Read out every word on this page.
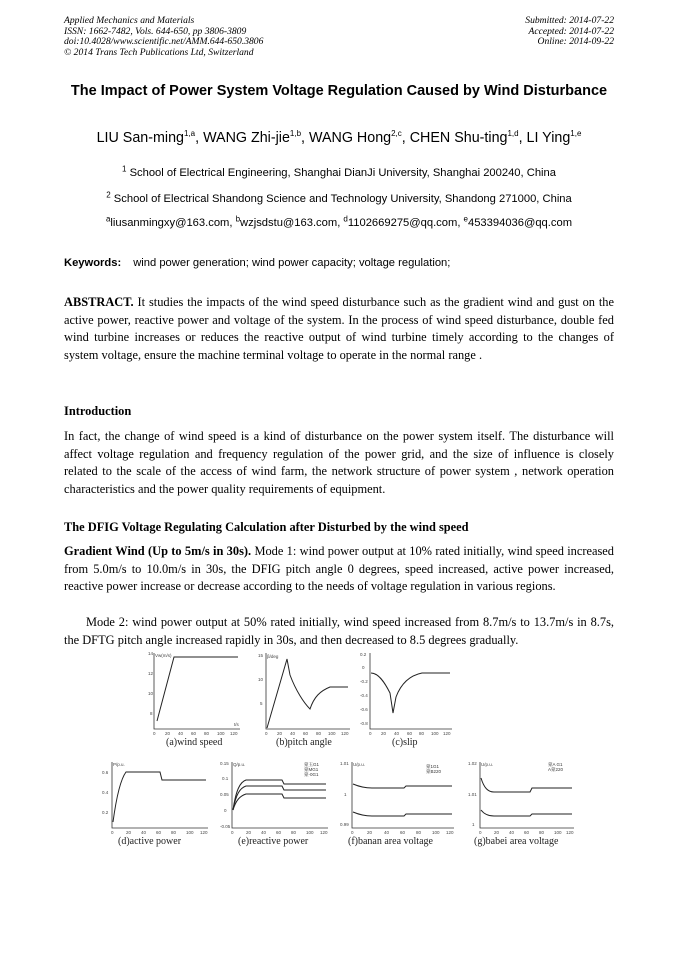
Applied Mechanics and Materials
ISSN: 1662-7482, Vols. 644-650, pp 3806-3809
doi:10.4028/www.scientific.net/AMM.644-650.3806
© 2014 Trans Tech Publications Ltd, Switzerland
Submitted: 2014-07-22
Accepted: 2014-07-22
Online: 2014-09-22
The Impact of Power System Voltage Regulation Caused by Wind Disturbance
LIU San-ming$^{1,a}$, WANG Zhi-jie$^{1,b}$, WANG Hong$^{2,c}$, CHEN Shu-ting$^{1,d}$, LI Ying$^{1,e}$
$^1$ School of Electrical Engineering, Shanghai DianJi University, Shanghai 200240, China
$^2$ School of Electrical Shandong Science and Technology University, Shandong 271000, China
$^a$liusanmingxy@163.com, $^b$wzjsdstu@163.com, $^d$1102669275@qq.com, $^e$453394036@qq.com
Keywords: wind power generation; wind power capacity; voltage regulation;
ABSTRACT. It studies the impacts of the wind speed disturbance such as the gradient wind and gust on the active power, reactive power and voltage of the system. In the process of wind speed disturbance, double fed wind turbine increases or reduces the reactive output of wind turbine timely according to the changes of system voltage, ensure the machine terminal voltage to operate in the normal range .
Introduction
In fact, the change of wind speed is a kind of disturbance on the power system itself. The disturbance will affect voltage regulation and frequency regulation of the power grid, and the size of influence is closely related to the scale of the access of wind farm, the network structure of power system , network operation characteristics and the power quality requirements of equipment.
The DFIG Voltage Regulating Calculation after Disturbed by the wind speed
Gradient Wind (Up to 5m/s in 30s). Mode 1: wind power output at 10% rated initially, wind speed increased from 5.0m/s to 10.0m/s in 30s, the DFIG pitch angle 0 degrees, speed increased, active power increased, reactive power increase or decrease according to the needs of voltage regulation in various regions.
Mode 2: wind power output at 50% rated initially, wind speed increased from 8.7m/s to 13.7m/s in 8.7s, the DFTG pitch angle increased rapidly in 30s, and then decreased to 8.5 degrees gradually.
Vw(m/s)
14
12
10
8
0 20 40 60 80 100 120
t/s
(a)wind speed
β/deg
15
10
5
0 20 40 60 80 100 120
(b)pitch angle
0.2
0
-0.2
-0.4
-0.6
-0.8
0 20 40 60 80 100 120
(c)slip
P/p.u.
0.6
0.4
0.2
0	20 40 60 80 100 120
(d)active power
Q/p.u.
0.15
0.1
0.05
0
-0.05
蒙玉G1
蒙MG1
蒙-0G1
0	20 40 60 80 100 120
(e)reactive power
U/p.u.
1.01
1
0.99
蒙1G1
蒙B220
0	20	40 60 80 100 120
(f)banan area voltage
U/p.u.
1.02
1.01
1
蒙A G1
A蒙220
0	20 40 60 80 100 120
(g)babei area voltage
